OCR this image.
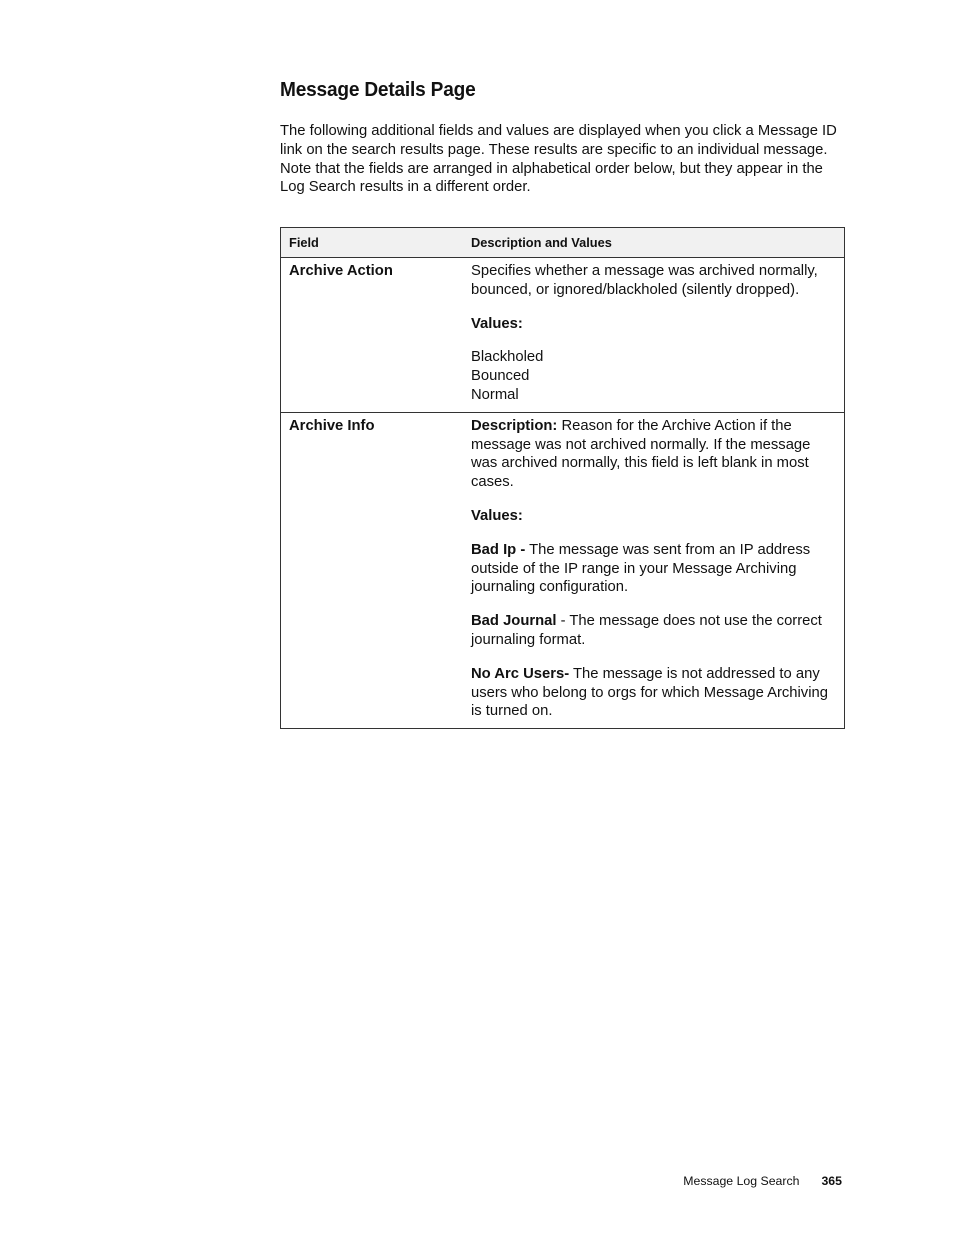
Message Details Page

The following additional fields and values are displayed when you click a Message ID link on the search results page. These results are specific to an individual message. Note that the fields are arranged in alphabetical order below, but they appear in the Log Search results in a different order.

Field	Description and Values
Archive Action	Specifies whether a message was archived normally, bounced, or ignored/blackholed (silently dropped).

Values:

Blackholed
Bounced
Normal

Archive Info	Description: Reason for the Archive Action if the message was not archived normally. If the message was archived normally, this field is left blank in most cases.

Values:

Bad Ip - The message was sent from an IP address outside of the IP range in your Message Archiving journaling configuration.

Bad Journal - The message does not use the correct journaling format.

No Arc Users- The message is not addressed to any users who belong to orgs for which Message Archiving is turned on.

Message Log Search 365
